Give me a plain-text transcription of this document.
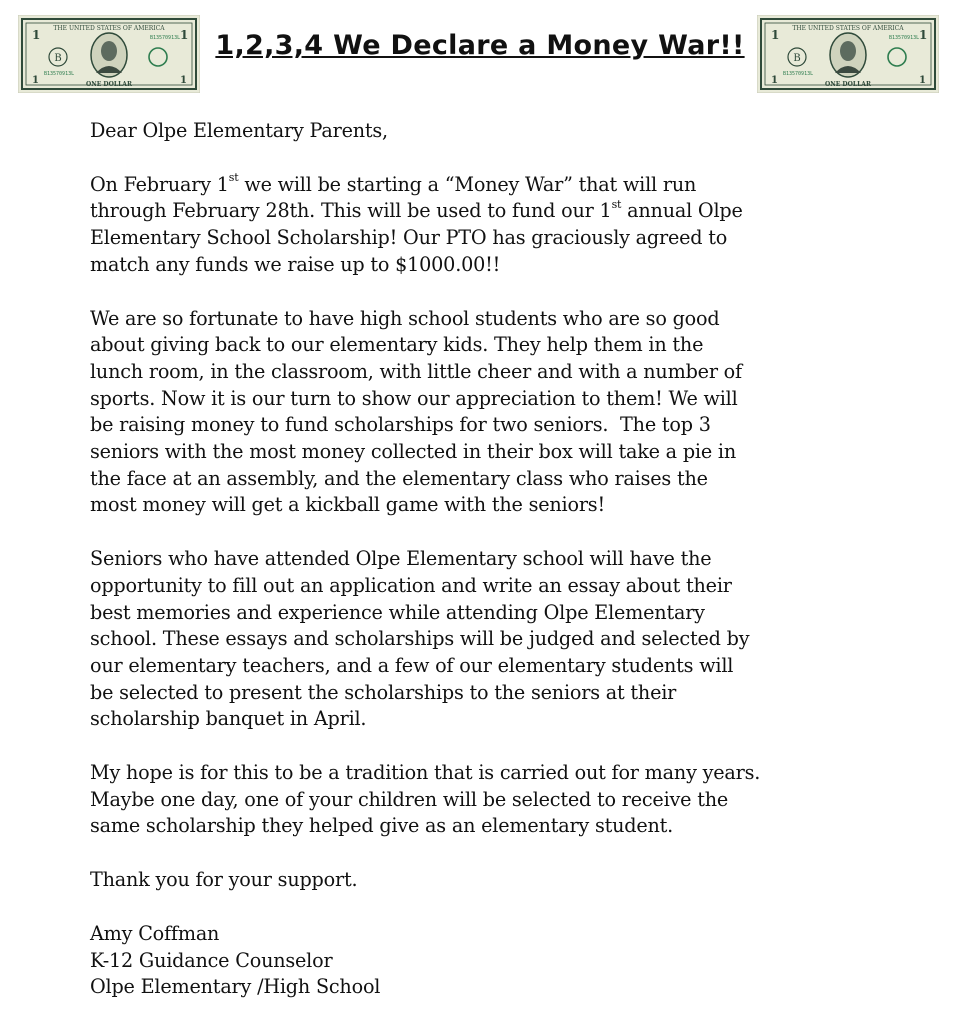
THE UNITED STATES OF AMERICA
B
1	1
1	1
B13570913L
B13570913L
ONE DOLLAR
1,2,3,4 We Declare a Money War!!
THE UNITED STATES OF AMERICA
B
1	1
1	1
B13570913L
B13570913L
ONE DOLLAR

Dear Olpe Elementary Parents,

On February 1st we will be starting a “Money War” that will run
through February 28th. This will be used to fund our 1st annual Olpe
Elementary School Scholarship! Our PTO has graciously agreed to
match any funds we raise up to $1000.00!!

We are so fortunate to have high school students who are so good
about giving back to our elementary kids. They help them in the
lunch room, in the classroom, with little cheer and with a number of
sports. Now it is our turn to show our appreciation to them! We will
be raising money to fund scholarships for two seniors.  The top 3
seniors with the most money collected in their box will take a pie in
the face at an assembly, and the elementary class who raises the
most money will get a kickball game with the seniors!

Seniors who have attended Olpe Elementary school will have the
opportunity to fill out an application and write an essay about their
best memories and experience while attending Olpe Elementary
school. These essays and scholarships will be judged and selected by
our elementary teachers, and a few of our elementary students will
be selected to present the scholarships to the seniors at their
scholarship banquet in April.

My hope is for this to be a tradition that is carried out for many years.
Maybe one day, one of your children will be selected to receive the
same scholarship they helped give as an elementary student.

Thank you for your support.

Amy Coffman
K-12 Guidance Counselor
Olpe Elementary /High School
